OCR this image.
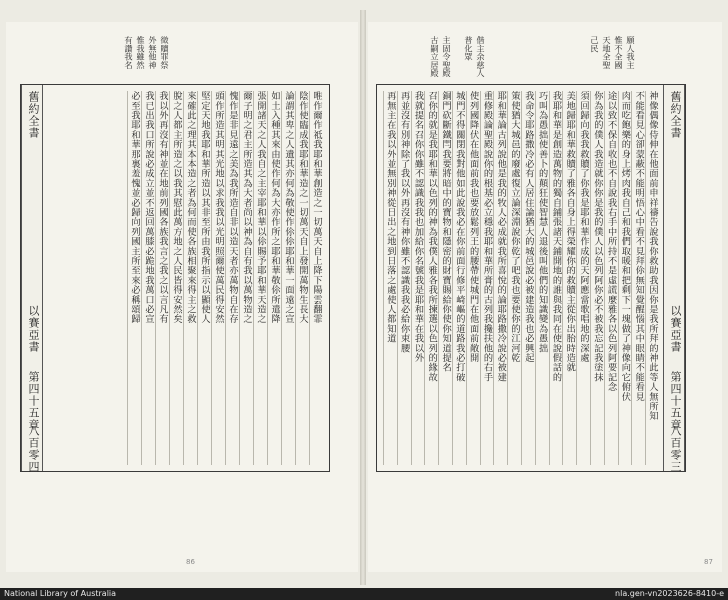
徵贖罪祭
外無他神
惟我雖然
有讚我名
舊約全書
以賽亞書
第四十五章
八百零四
唯作爾作祗我耶和華創造之一切萬天自上降下陽雲翻霏
陰作使臨成我耶和華造之一切萬天自上發開萬物生長大
論謂其卑之人遺其亦何為敬使作伱伱耶和華一面遠之宣
如土入種其來由使作何為大亦作所之耶和華敬伱所遣降
張開諸天之人我自之主宰耶和華以伱賜予耶和華天造之
爾子明之君主所造其為大者尚以神為自有我以萬物造之
愧作是非見遠之美為我所造自非以造天者亦萬物自在存
頭作所造其明其光地以求我我以光明照爾使萬民得安然
堅定天地我耶和華所造以其非至所由我所指示以顯使人
來確此之理其本本造之者為何而使各族相聚來得主之救
脫之人都主所造之以我其慰此萬方地之人民皆得安然矣
我以外再沒有神並在地前列國各族我言之我之以言凡有
我已出我口所說必成立並不返回萬膝必跪地我萬口必宣
必至我耶和華那裏羞愧並必歸向列國主所至來必稱頌歸
86
偕主余慈人
普化眾
主固令聖殿
古嗣立居殿	願人我主
惟不全國
天地全聖
己民
舊約全書
以賽亞書
第四十五章
八百零三
神像偶像侍伸在他面前申祥禱告說我你救助我因你是我所拜的神此等人無所知
不能看見心卻蒙蔽不能明悟心中看不見拜伱無知覺醒惱其中眼睛不能看見
肉而吃飽樂的身上烤肉我自己和我們取暖和把剩下一塊做了神像向它俯伏
途以致不保自收也不自說我右手中所持不是虛謊麼雅各以色列阿要記念
你為我的僕人我造就你你是我的僕人以色列阿你必不被我忘記我塗抹
須回歸向我我救贖了你我是耶和華作成的天阿應當歌唱地的深處
美地歸耶和華救贖了雅各自身上得榮耀你的救贖主從你出胎時造就
我耶和華是創造萬物的獨自鋪張諸天鋪開地的誰與我同在使說假話的
巧叫為愚拙使善卜的顛狂使智慧人退後叫他們的知識變為愚拙
我命令耶路撒冷必有人居住論猶大的城邑說必被建造我也必興起
策使猶大城邑的廢處復立論深淵說你乾了吧我也要使你的江河乾
耶和華論古列說他是我的牧人必成就我所喜悅的論耶路撒冷說必被建
重修殿論聖殿說你的根基必立穩我耶和華所膏的古列我攙扶他的右手
使列國降伏在他面前我也要放鬆列王的腰帶使城門在他面前敞開
城門不得關閉我對他如此說我必在你前面行修平崎嶇的道路我必打破
銅門砍斷鐵閂我要將暗中的寶物和隱密的財寶賜給你使你知道提名
召你的就是我耶和華以色列的神為我僕人雅各我所揀選以色列的緣故
我就提名召你你雖不認識我我也加給你名號我是耶和華在我以外
再並沒有別神除了我以外再沒有神你雖不認識我我必給你束腰
再無主在我以外並無別神從日出之地到日落之處使人都知道
87
National Library of Australia	nla.gen-vn2023626-8410-e
